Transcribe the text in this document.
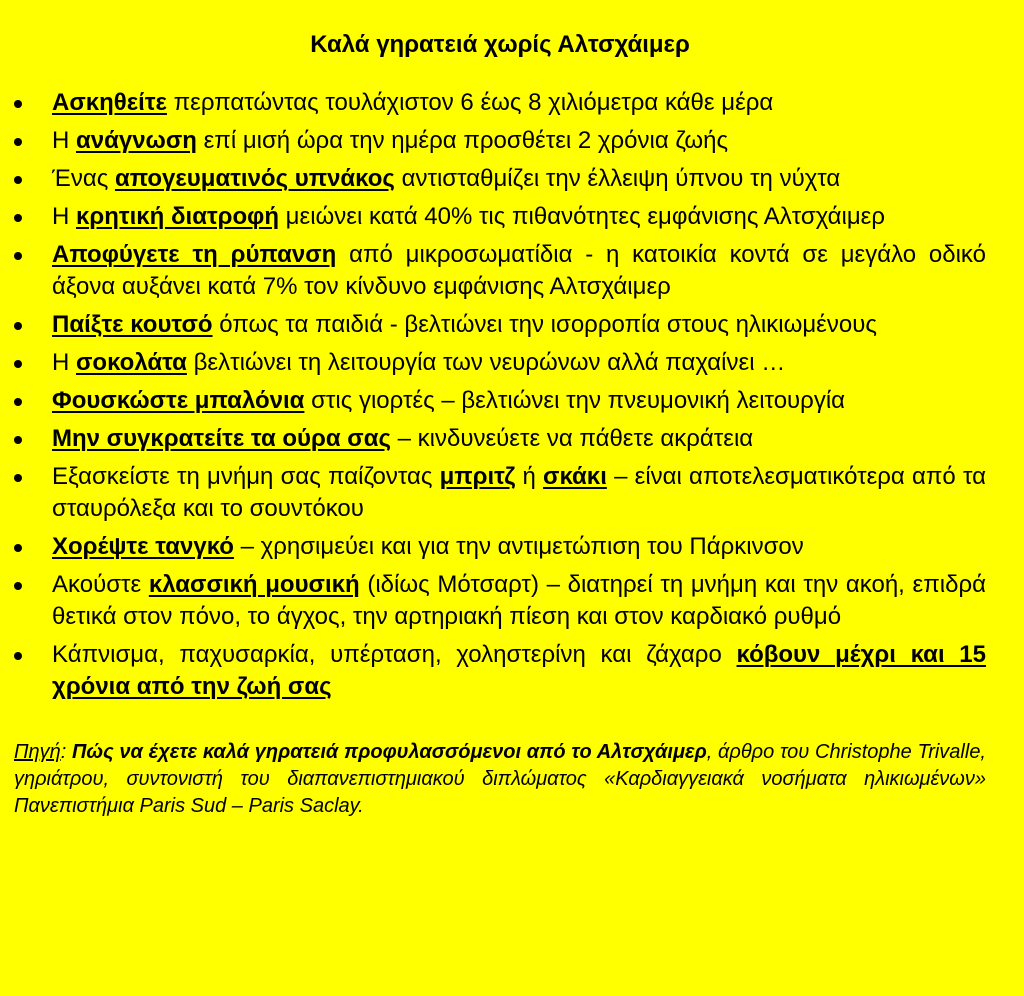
Καλά γηρατειά χωρίς Αλτσχάιμερ
Ασκηθείτε περπατώντας τουλάχιστον 6 έως 8 χιλιόμετρα κάθε μέρα
Η ανάγνωση επί μισή ώρα την ημέρα προσθέτει 2 χρόνια ζωής
Ένας απογευματινός υπνάκος αντισταθμίζει την έλλειψη ύπνου τη νύχτα
Η κρητική διατροφή μειώνει κατά 40% τις πιθανότητες εμφάνισης Αλτσχάιμερ
Αποφύγετε τη ρύπανση από μικροσωματίδια - η κατοικία κοντά σε μεγάλο οδικό άξονα αυξάνει κατά 7% τον κίνδυνο εμφάνισης Αλτσχάιμερ
Παίξτε κουτσό όπως τα παιδιά - βελτιώνει την ισορροπία στους ηλικιωμένους
Η σοκολάτα βελτιώνει τη λειτουργία των νευρώνων αλλά παχαίνει …
Φουσκώστε μπαλόνια στις γιορτές – βελτιώνει την πνευμονική λειτουργία
Μην συγκρατείτε τα ούρα σας – κινδυνεύετε να πάθετε ακράτεια
Εξασκείστε τη μνήμη σας παίζοντας μπριτζ ή σκάκι – είναι αποτελεσματικότερα από τα σταυρόλεξα και το σουντόκου
Χορέψτε τανγκό – χρησιμεύει και για την αντιμετώπιση του Πάρκινσον
Ακούστε κλασσική μουσική (ιδίως Μότσαρτ) – διατηρεί τη μνήμη και την ακοή, επιδρά θετικά στον πόνο, το άγχος, την αρτηριακή πίεση και στον καρδιακό ρυθμό
Κάπνισμα, παχυσαρκία, υπέρταση, χοληστερίνη και ζάχαρο κόβουν μέχρι και 15 χρόνια από την ζωή σας
Πηγή: Πώς να έχετε καλά γηρατειά προφυλασσόμενοι από το Αλτσχάιμερ, άρθρο του Christophe Trivalle, γηριάτρου, συντονιστή του διαπανεπιστημιακού διπλώματος «Καρδιαγγειακά νοσήματα ηλικιωμένων» Πανεπιστήμια Paris Sud – Paris Saclay.
